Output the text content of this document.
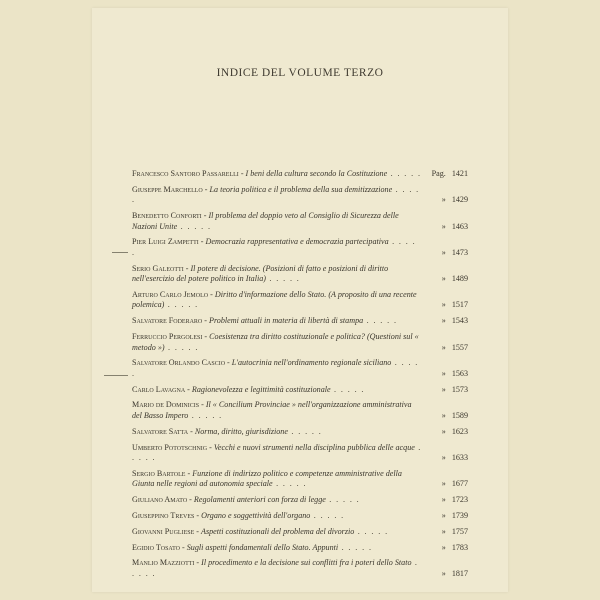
INDICE DEL VOLUME TERZO
Francesco Santoro Passarelli - I beni della cultura secondo la Costituzione . . . . .	Pag. 1421
Giuseppe Marchello - La teoria politica e il problema della sua demitizzazione . . . . .	» 1429
Benedetto Conforti - Il problema del doppio veto al Consiglio di Sicurezza delle Nazioni Unite . . . . .	» 1463
Pier Luigi Zampetti - Democrazia rappresentativa e democrazia partecipativa . . . . .	» 1473
Serio Galeotti - Il potere di decisione. (Posizioni di fatto e posizioni di diritto nell'esercizio del potere politico in Italia) . . . . .	» 1489
Arturo Carlo Jemolo - Diritto d'informazione dello Stato. (A proposito di una recente polemica) . . . . .	» 1517
Salvatore Foderaro - Problemi attuali in materia di libertà di stampa . . . . .	» 1543
Ferruccio Pergolesi - Coesistenza tra diritto costituzionale e politica? (Questioni sul « metodo ») . . . . .	» 1557
Salvatore Orlando Cascio - L'autocrinia nell'ordinamento regionale siciliano . . . . .	» 1563
Carlo Lavagna - Ragionevolezza e legittimità costituzionale . . . . .	» 1573
Mario de Dominicis - Il « Concilium Provinciae » nell'organizzazione amministrativa del Basso Impero . . . . .	» 1589
Salvatore Satta - Norma, diritto, giurisdizione . . . . .	» 1623
Umberto Pototschnig - Vecchi e nuovi strumenti nella disciplina pubblica delle acque . . . . .	» 1633
Sergio Bartole - Funzione di indirizzo politico e competenze amministrative della Giunta nelle regioni ad autonomia speciale . . . . .	» 1677
Giuliano Amato - Regolamenti anteriori con forza di legge . . . . .	» 1723
Giuseppino Treves - Organo e soggettività dell'organo . . . . .	» 1739
Giovanni Pugliese - Aspetti costituzionali del problema del divorzio . . . . .	» 1757
Egidio Tosato - Sugli aspetti fondamentali dello Stato. Appunti . . . . .	» 1783
Manlio Mazziotti - Il procedimento e la decisione sui conflitti fra i poteri dello Stato . . . . .	» 1817
